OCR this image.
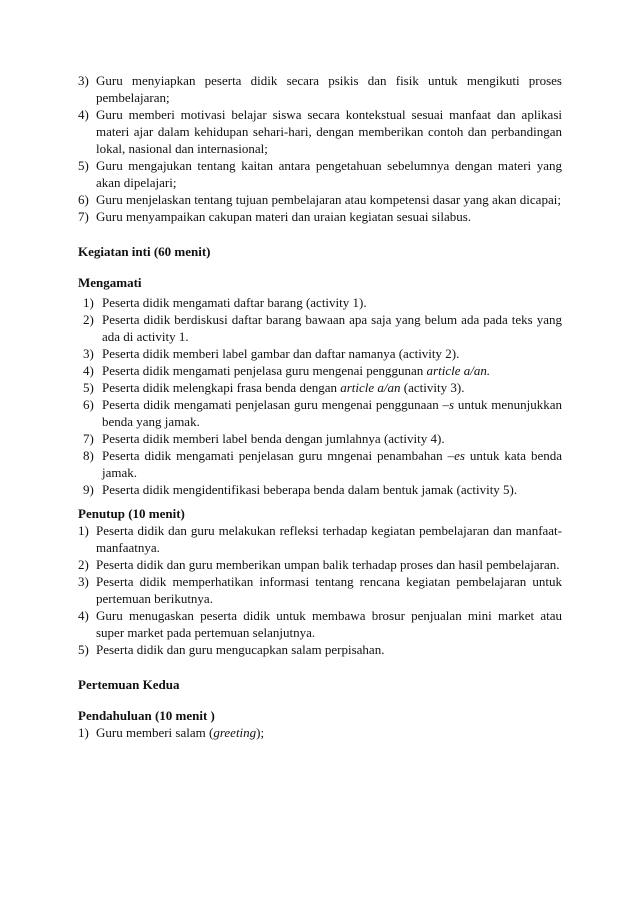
3) Guru menyiapkan peserta didik secara psikis dan fisik untuk mengikuti proses pembelajaran;
4) Guru memberi motivasi belajar siswa secara kontekstual sesuai manfaat dan aplikasi materi ajar dalam kehidupan sehari-hari, dengan memberikan contoh dan perbandingan lokal, nasional dan internasional;
5) Guru mengajukan tentang kaitan antara pengetahuan sebelumnya dengan materi yang akan dipelajari;
6) Guru menjelaskan tentang tujuan pembelajaran atau kompetensi dasar yang akan dicapai;
7) Guru menyampaikan cakupan materi dan uraian kegiatan sesuai silabus.
Kegiatan inti (60 menit)
Mengamati
1) Peserta didik mengamati daftar barang (activity 1).
2) Peserta didik berdiskusi daftar barang bawaan apa saja yang belum ada pada teks yang ada di activity 1.
3) Peserta didik memberi label gambar dan daftar namanya (activity 2).
4) Peserta didik mengamati penjelasa guru mengenai penggunan article a/an.
5) Peserta didik melengkapi frasa benda dengan article a/an (activity 3).
6) Peserta didik mengamati penjelasan guru mengenai penggunaan –s untuk menunjukkan benda yang jamak.
7) Peserta didik memberi label benda dengan jumlahnya (activity 4).
8) Peserta didik mengamati penjelasan guru mngenai penambahan –es untuk kata benda jamak.
9) Peserta didik mengidentifikasi beberapa benda dalam bentuk jamak (activity 5).
Penutup (10 menit)
1) Peserta didik dan guru melakukan refleksi terhadap kegiatan pembelajaran dan manfaat-manfaatnya.
2) Peserta didik dan guru memberikan umpan balik terhadap proses dan hasil pembelajaran.
3) Peserta didik memperhatikan informasi tentang rencana kegiatan pembelajaran untuk pertemuan berikutnya.
4) Guru menugaskan peserta didik untuk membawa brosur penjualan mini market atau super market pada pertemuan selanjutnya.
5) Peserta didik dan guru mengucapkan salam perpisahan.
Pertemuan Kedua
Pendahuluan (10 menit )
1) Guru memberi salam (greeting);
